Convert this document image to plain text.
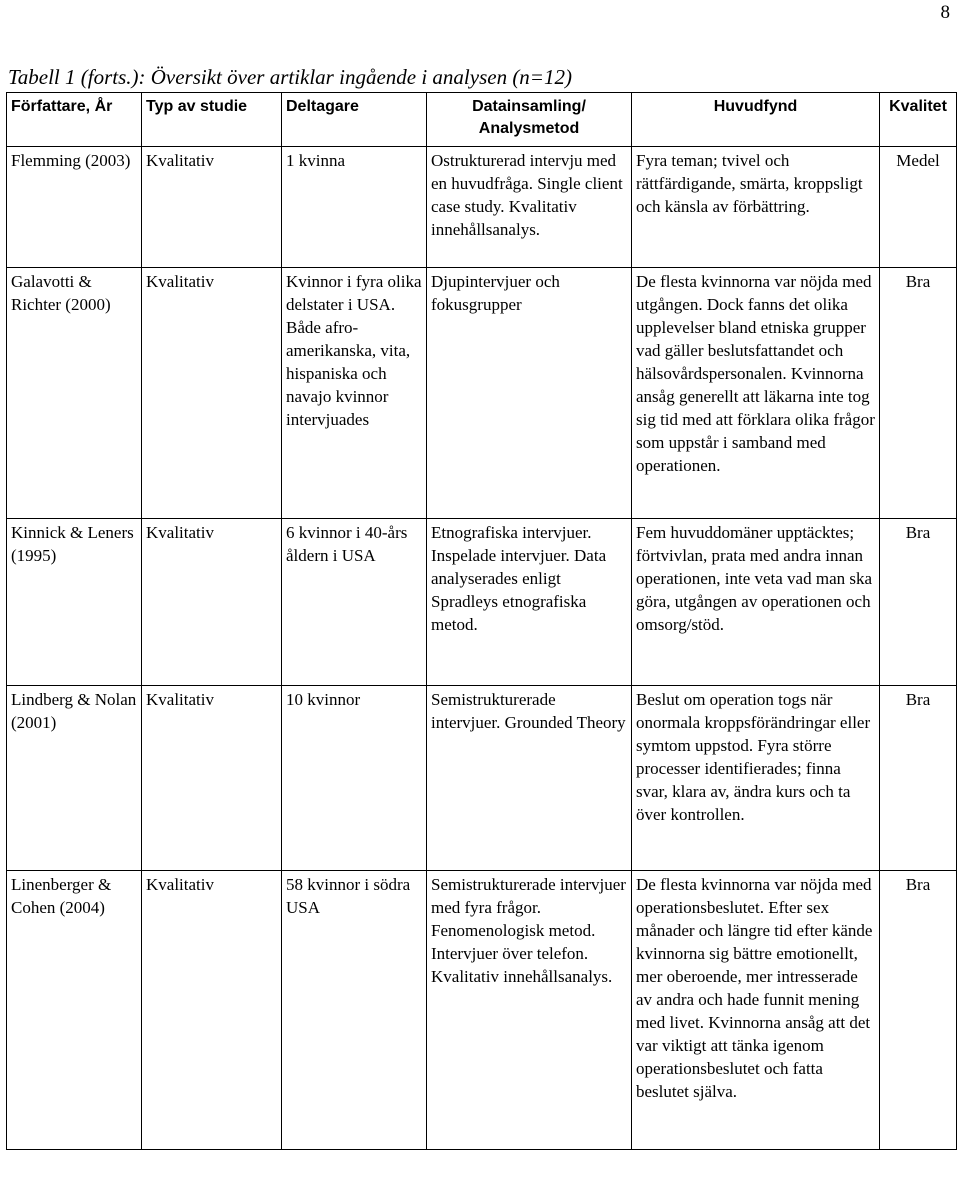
8
Tabell 1 (forts.): Översikt över artiklar ingående i analysen (n=12)
Författare, År	Typ av studie	Deltagare	Datainsamling/ Analysmetod	Huvudfynd	Kvalitet
Flemming (2003)	Kvalitativ	1 kvinna	Ostrukturerad intervju med en huvudfråga. Single client case study. Kvalitativ innehållsanalys.	Fyra teman; tvivel och rättfärdigande, smärta, kroppsligt och känsla av förbättring.	Medel
Galavotti & Richter (2000)	Kvalitativ	Kvinnor i fyra olika delstater i USA. Både afro-amerikanska, vita, hispaniska och navajo kvinnor intervjuades	Djupintervjuer och fokusgrupper	De flesta kvinnorna var nöjda med utgången. Dock fanns det olika upplevelser bland etniska grupper vad gäller beslutsfattandet och hälsovårdspersonalen. Kvinnorna ansåg generellt att läkarna inte tog sig tid med att förklara olika frågor som uppstår i samband med operationen.	Bra
Kinnick & Leners (1995)	Kvalitativ	6 kvinnor i 40-års åldern i USA	Etnografiska intervjuer. Inspelade intervjuer. Data analyserades enligt Spradleys etnografiska metod.	Fem huvuddomäner upptäcktes; förtvivlan, prata med andra innan operationen, inte veta vad man ska göra, utgången av operationen och omsorg/stöd.	Bra
Lindberg & Nolan (2001)	Kvalitativ	10 kvinnor	Semistrukturerade intervjuer. Grounded Theory	Beslut om operation togs när onormala kroppsförändringar eller symtom uppstod. Fyra större processer identifierades; finna svar, klara av, ändra kurs och ta över kontrollen.	Bra
Linenberger & Cohen (2004)	Kvalitativ	58 kvinnor i södra USA	Semistrukturerade intervjuer med fyra frågor. Fenomenologisk metod. Intervjuer över telefon. Kvalitativ innehållsanalys.	De flesta kvinnorna var nöjda med operationsbeslutet. Efter sex månader och längre tid efter kände kvinnorna sig bättre emotionellt, mer oberoende, mer intresserade av andra och hade funnit mening med livet. Kvinnorna ansåg att det var viktigt att tänka igenom operationsbeslutet och fatta beslutet själva.	Bra
